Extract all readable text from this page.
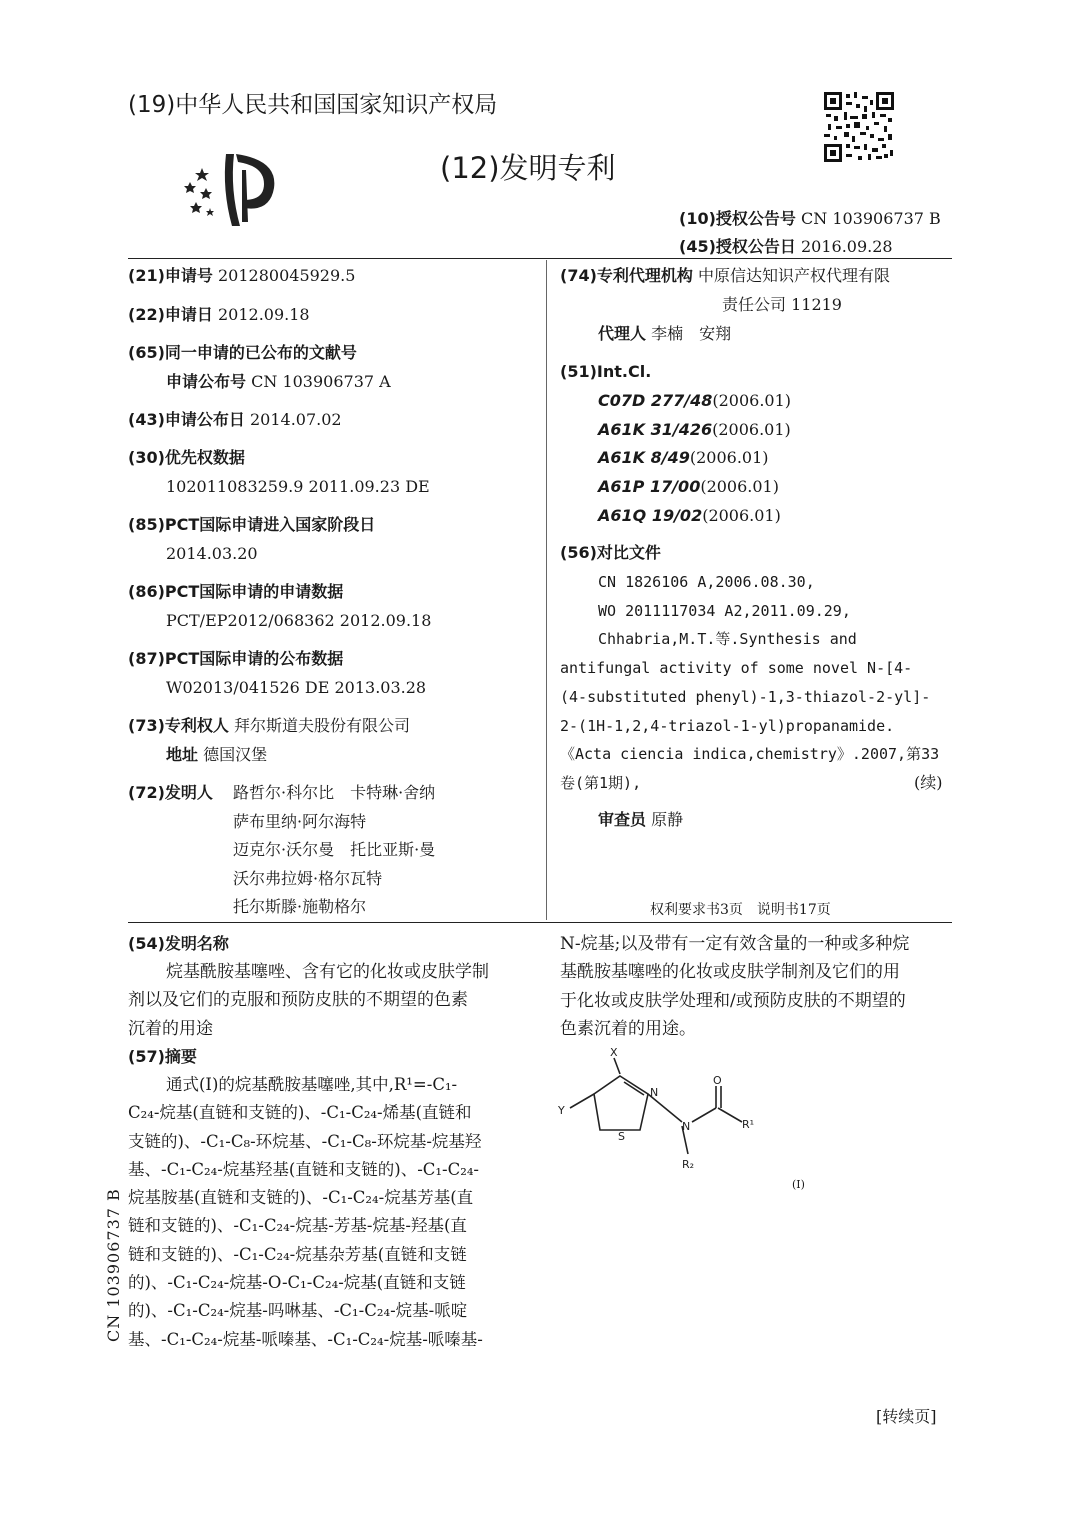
(19)中华人民共和国国家知识产权局
(12)发明专利
(10)授权公告号 CN 103906737 B
(45)授权公告日 2016.09.28
(21)申请号 201280045929.5
(22)申请日 2012.09.18
(65)同一申请的已公布的文献号
申请公布号 CN 103906737 A
(43)申请公布日 2014.07.02
(30)优先权数据
102011083259.9 2011.09.23 DE
(85)PCT国际申请进入国家阶段日
2014.03.20
(86)PCT国际申请的申请数据
PCT/EP2012/068362 2012.09.18
(87)PCT国际申请的公布数据
W02013/041526 DE 2013.03.28
(73)专利权人 拜尔斯道夫股份有限公司
地址 德国汉堡
(72)发明人 路哲尔·科尔比　卡特琳·舍纳
萨布里纳·阿尔海特
迈克尔·沃尔曼　托比亚斯·曼
沃尔弗拉姆·格尔瓦特
托尔斯滕·施勒格尔
(74)专利代理机构 中原信达知识产权代理有限
责任公司 11219
代理人 李楠　安翔
(51)Int.Cl.
C07D 277/48(2006.01)
A61K 31/426(2006.01)
A61K 8/49(2006.01)
A61P 17/00(2006.01)
A61Q 19/02(2006.01)
(56)对比文件
CN 1826106 A,2006.08.30,
WO 2011117034 A2,2011.09.29,
Chhabria,M.T.等.Synthesis and
antifungal activity of some novel N-[4-
(4-substituted phenyl)-1,3-thiazol-2-yl]-
2-(1H-1,2,4-triazol-1-yl)propanamide.
《Acta ciencia indica,chemistry》.2007,第33
卷(第1期),	(续)
审查员 原静
权利要求书3页　说明书17页
(54)发明名称
烷基酰胺基噻唑、含有它的化妆或皮肤学制
剂以及它们的克服和预防皮肤的不期望的色素
沉着的用途
(57)摘要
通式(I)的烷基酰胺基噻唑,其中,R¹=-C₁-
C₂₄-烷基(直链和支链的)、-C₁-C₂₄-烯基(直链和
支链的)、-C₁-C₈-环烷基、-C₁-C₈-环烷基-烷基羟
基、-C₁-C₂₄-烷基羟基(直链和支链的)、-C₁-C₂₄-
烷基胺基(直链和支链的)、-C₁-C₂₄-烷基芳基(直
链和支链的)、-C₁-C₂₄-烷基-芳基-烷基-羟基(直
链和支链的)、-C₁-C₂₄-烷基杂芳基(直链和支链
的)、-C₁-C₂₄-烷基-O-C₁-C₂₄-烷基(直链和支链
的)、-C₁-C₂₄-烷基-吗啉基、-C₁-C₂₄-烷基-哌啶
基、-C₁-C₂₄-烷基-哌嗪基、-C₁-C₂₄-烷基-哌嗪基-
N-烷基;以及带有一定有效含量的一种或多种烷
基酰胺基噻唑的化妆或皮肤学制剂及它们的用
于化妆或皮肤学处理和/或预防皮肤的不期望的
色素沉着的用途。
X
Y
N
S
N
O
R¹
R₂
(I)
CN 103906737 B
[转续页]
